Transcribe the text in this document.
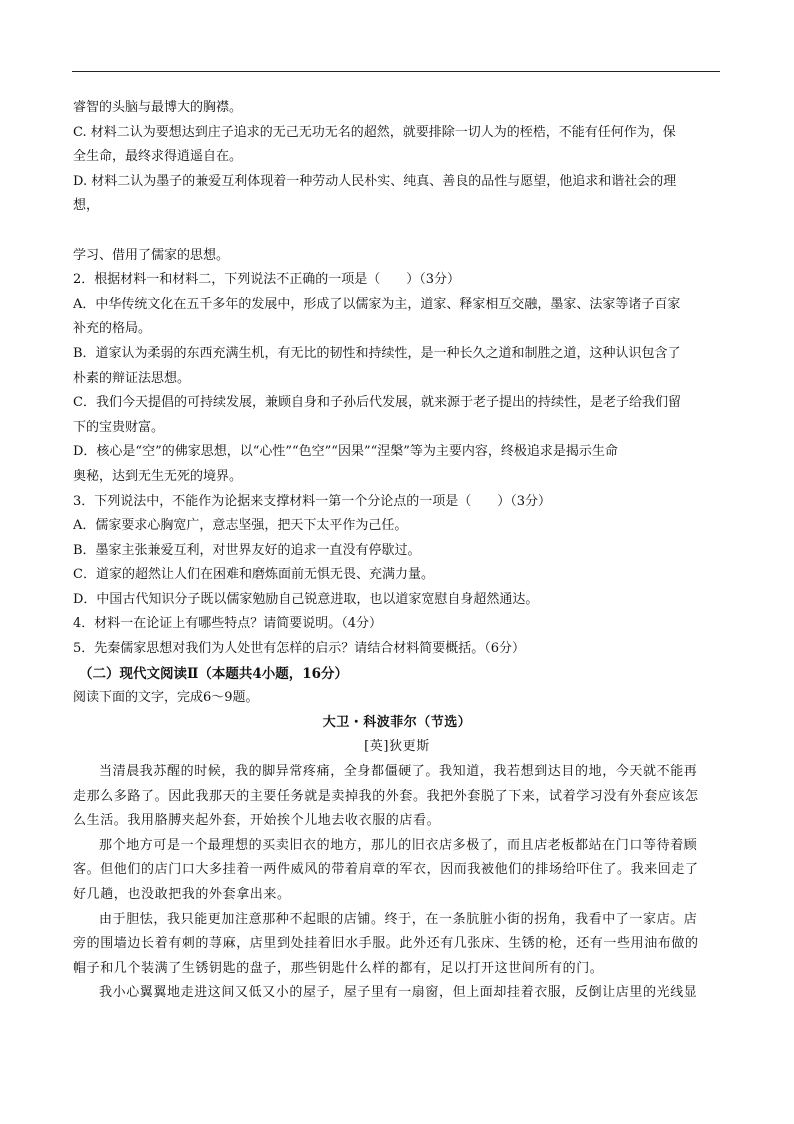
睿智的头脑与最博大的胸襟。
C. 材料二认为要想达到庄子追求的无己无功无名的超然，就要排除一切人为的桎梏，不能有任何作为，保
全生命，最终求得逍遥自在。
D. 材料二认为墨子的兼爱互利体现着一种劳动人民朴实、纯真、善良的品性与愿望，他追求和谐社会的理
想，
学习、借用了儒家的思想。
2．根据材料一和材料二，下列说法不正确的一项是（　　）（3分）
A．中华传统文化在五千多年的发展中，形成了以儒家为主，道家、释家相互交融，墨家、法家等诸子百家
补充的格局。
B．道家认为柔弱的东西充满生机，有无比的韧性和持续性，是一种长久之道和制胜之道，这种认识包含了
朴素的辩证法思想。
C．我们今天提倡的可持续发展，兼顾自身和子孙后代发展，就来源于老子提出的持续性，是老子给我们留
下的宝贵财富。
D．核心是“空”的佛家思想，以“心性”“色空”“因果”“涅槃”等为主要内容，终极追求是揭示生命
奥秘，达到无生无死的境界。
3．下列说法中，不能作为论据来支撑材料一第一个分论点的一项是（　　）（3分）
A．儒家要求心胸宽广，意志坚强，把天下太平作为己任。
B．墨家主张兼爱互利，对世界友好的追求一直没有停歇过。
C．道家的超然让人们在困难和磨炼面前无惧无畏、充满力量。
D．中国古代知识分子既以儒家勉励自己锐意进取，也以道家宽慰自身超然通达。
4．材料一在论证上有哪些特点？请简要说明。（4分）
5．先秦儒家思想对我们为人处世有怎样的启示？请结合材料简要概括。（6分）
（二）现代文阅读Ⅱ（本题共4小题，16分）
阅读下面的文字，完成6～9题。
大卫・科波菲尔（节选）
[英]狄更斯
当清晨我苏醒的时候，我的脚异常疼痛，全身都僵硬了。我知道，我若想到达目的地，今天就不能再
走那么多路了。因此我那天的主要任务就是卖掉我的外套。我把外套脱了下来，试着学习没有外套应该怎
么生活。我用胳膊夹起外套，开始挨个儿地去收衣服的店看。
那个地方可是一个最理想的买卖旧衣的地方，那儿的旧衣店多极了，而且店老板都站在门口等待着顾
客。但他们的店门口大多挂着一两件威风的带着肩章的军衣，因而我被他们的排场给吓住了。我来回走了
好几趟，也没敢把我的外套拿出来。
由于胆怯，我只能更加注意那种不起眼的店铺。终于，在一条肮脏小街的拐角，我看中了一家店。店
旁的围墙边长着有刺的荨麻，店里到处挂着旧水手服。此外还有几张床、生锈的枪，还有一些用油布做的
帽子和几个装满了生锈钥匙的盘子，那些钥匙什么样的都有，足以打开这世间所有的门。
我小心翼翼地走进这间又低又小的屋子，屋子里有一扇窗，但上面却挂着衣服，反倒让店里的光线显
